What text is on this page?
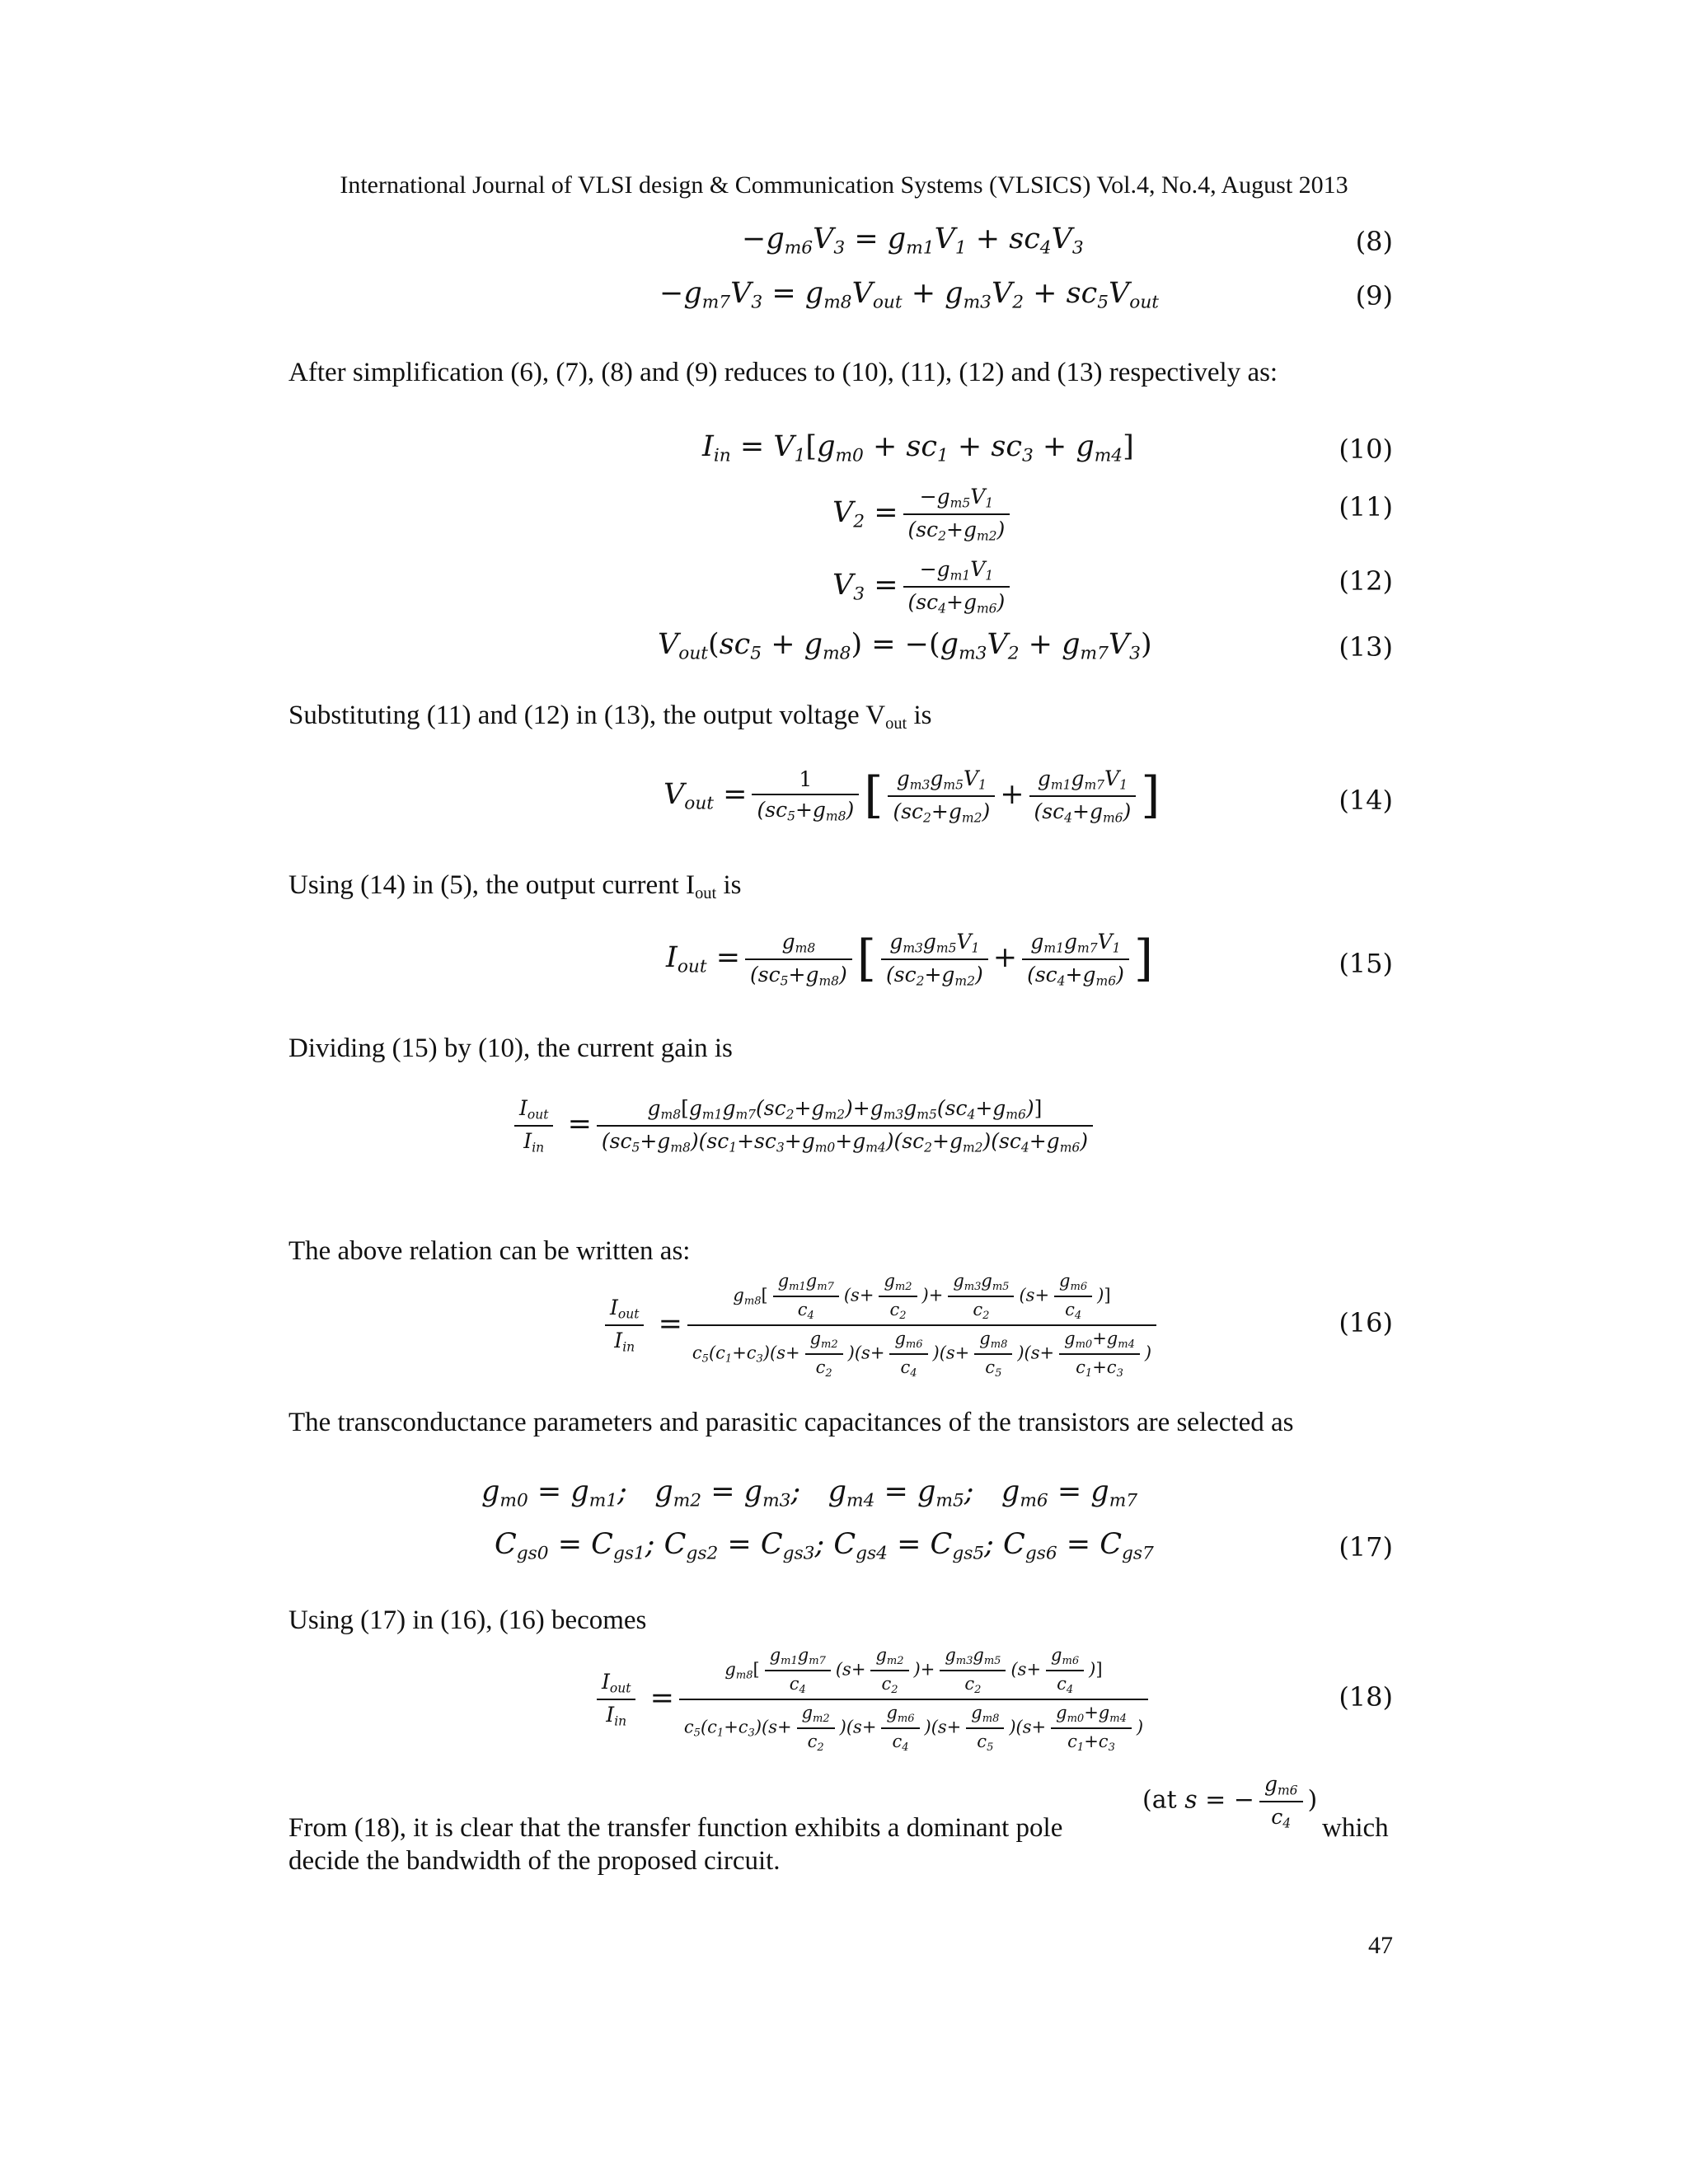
International Journal of VLSI design & Communication Systems (VLSICS) Vol.4, No.4, August 2013
$-g_{m6}V_3 = g_{m1}V_1 + sc_4V_3$	(8)
$-g_{m7}V_3 = g_{m8}V_{out} + g_{m3}V_2 + sc_5V_{out}$	(9)
After simplification (6), (7), (8) and (9) reduces to (10), (11), (12) and (13) respectively as:
$I_{in} = V_1[g_{m0} + sc_1 + sc_3 + g_{m4}]$	(10)
$V_2 = \frac{-g_{m5}V_1}{(sc_2+g_{m2})}$	(11)
$V_3 = \frac{-g_{m1}V_1}{(sc_4+g_{m6})}$	(12)
$V_{out}(sc_5 + g_{m8}) = -(g_{m3}V_2 + g_{m7}V_3)$	(13)
Substituting (11) and (12) in (13), the output voltage $V_{out}$ is
$V_{out} = \frac{1}{(sc_5+g_{m8})}$ [ $\frac{g_{m3}g_{m5}V_1}{(sc_2+g_{m2})} + \frac{g_{m1}g_{m7}V_1}{(sc_4+g_{m6})}$ ]	(14)
Using (14) in (5), the output current $I_{out}$ is
$I_{out} = \frac{g_{m8}}{(sc_5+g_{m8})}$ [ $\frac{g_{m3}g_{m5}V_1}{(sc_2+g_{m2})} + \frac{g_{m1}g_{m7}V_1}{(sc_4+g_{m6})}$ ]	(15)
Dividing (15) by (10), the current gain is
$\frac{I_{out}}{I_{in}} = \frac{g_{m8}[g_{m1}g_{m7}(sc_2+g_{m2})+g_{m3}g_{m5}(sc_4+g_{m6})]}{(sc_5+g_{m8})(sc_1+sc_3+g_{m0}+g_{m4})(sc_2+g_{m2})(sc_4+g_{m6})}$
The above relation can be written as:
$\frac{I_{out}}{I_{in}} = \frac{g_{m8}[ \frac{g_{m1}g_{m7}}{c_4} (s+ \frac{g_{m2}}{c_2} )+ \frac{g_{m3}g_{m5}}{c_2} (s+ \frac{g_{m6}}{c_4} )]}{c_5(c_1+c_3)(s+ \frac{g_{m2}}{c_2} )(s+ \frac{g_{m6}}{c_4} )(s+ \frac{g_{m8}}{c_5} )(s+ \frac{g_{m0}+g_{m4}}{c_1+c_3} )}$	(16)
The transconductance parameters and parasitic capacitances of the transistors are selected as
$g_{m0} = g_{m1}$;   $g_{m2} = g_{m3}$;   $g_{m4} = g_{m5}$;   $g_{m6} = g_{m7}$
$C_{gs0} = C_{gs1}$; $C_{gs2} = C_{gs3}$; $C_{gs4} = C_{gs5}$; $C_{gs6} = C_{gs7}$	(17)
Using (17) in (16), (16) becomes
$\frac{I_{out}}{I_{in}} = \frac{g_{m8}[ \frac{g_{m1}g_{m7}}{c_4} (s+ \frac{g_{m2}}{c_2} )+ \frac{g_{m3}g_{m5}}{c_2} (s+ \frac{g_{m6}}{c_4} )]}{c_5(c_1+c_3)(s+ \frac{g_{m2}}{c_2} )(s+ \frac{g_{m6}}{c_4} )(s+ \frac{g_{m8}}{c_5} )(s+ \frac{g_{m0}+g_{m4}}{c_1+c_3} )}$	(18)
From (18), it is clear that the transfer function exhibits a dominant pole
(at s = − $\frac{g_{m6}}{c_4}$ )
which
decide the bandwidth of the proposed circuit.
47
